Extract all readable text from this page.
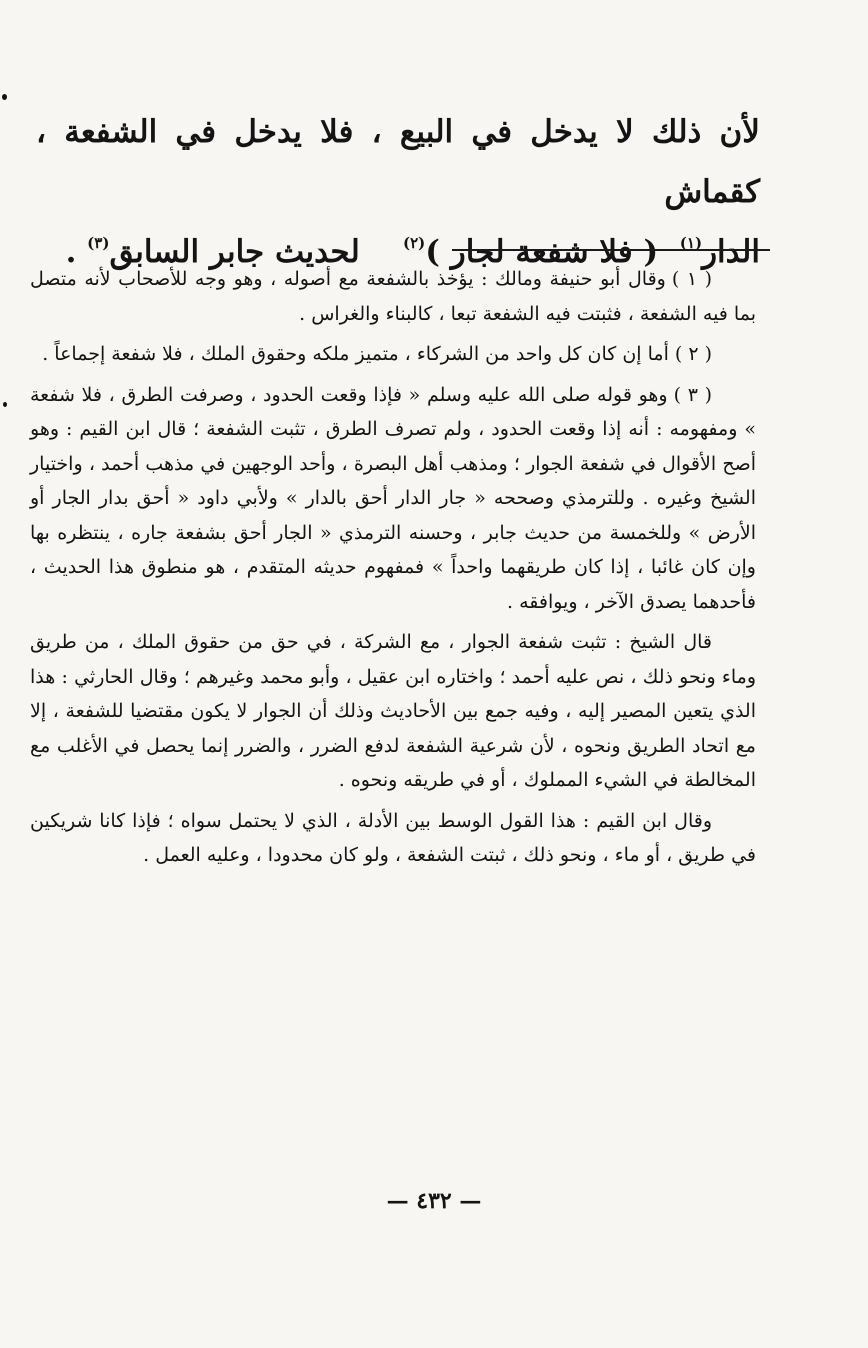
لأن ذلك لا يدخل في البيع ، فلا يدخل في الشفعة ، كقماش

الدار$^{(١)}$  ( فلا شفعة لجار )$^{(٢)}$    لحديث جابر السابق$^{(٣)}$ .

( ١ )وقال أبو حنيفة ومالك : يؤخذ بالشفعة مع أصوله ، وهو وجه للأصحاب لأنه متصل بما فيه الشفعة ، فثبتت فيه الشفعة تبعا ، كالبناء والغراس .

( ٢ )أما إن كان كل واحد من الشركاء ، متميز ملكه وحقوق الملك ، فلا شفعة إجماعاً .

( ٣ )وهو قوله صلى الله عليه وسلم « فإذا وقعت الحدود ، وصرفت الطرق ، فلا شفعة » ومفهومه : أنه إذا وقعت الحدود ، ولم تصرف الطرق ، تثبت الشفعة ؛ قال ابن القيم : وهو أصح الأقوال في شفعة الجوار ؛ ومذهب أهل البصرة ، وأحد الوجهين في مذهب أحمد ، واختيار الشيخ وغيره . وللترمذي وصححه « جار الدار أحق بالدار » ولأبي داود « أحق بدار الجار أو الأرض » وللخمسة من حديث جابر ، وحسنه الترمذي « الجار أحق بشفعة جاره ، ينتظره بها وإن كان غائبا ، إذا كان طريقهما واحداً » فمفهوم حديثه المتقدم ، هو منطوق هذا الحديث ، فأحدهما يصدق الآخر ، ويوافقه .

قال الشيخ : تثبت شفعة الجوار ، مع الشركة ، في حق من حقوق الملك ، من طريق وماء ونحو ذلك ، نص عليه أحمد ؛ واختاره ابن عقيل ، وأبو محمد وغيرهم ؛ وقال الحارثي : هذا الذي يتعين المصير إليه ، وفيه جمع بين الأحاديث وذلك أن الجوار لا يكون مقتضيا للشفعة ، إلا مع اتحاد الطريق ونحوه ، لأن شرعية الشفعة لدفع الضرر ، والضرر إنما يحصل في الأغلب مع المخالطة في الشيء المملوك ، أو في طريقه ونحوه .

وقال ابن القيم : هذا القول الوسط بين الأدلة ، الذي لا يحتمل سواه ؛ فإذا كانا شريكين في طريق ، أو ماء ، ونحو ذلك ، ثبتت الشفعة ، ولو كان محدودا ، وعليه العمل .

— ٤٣٢ —
